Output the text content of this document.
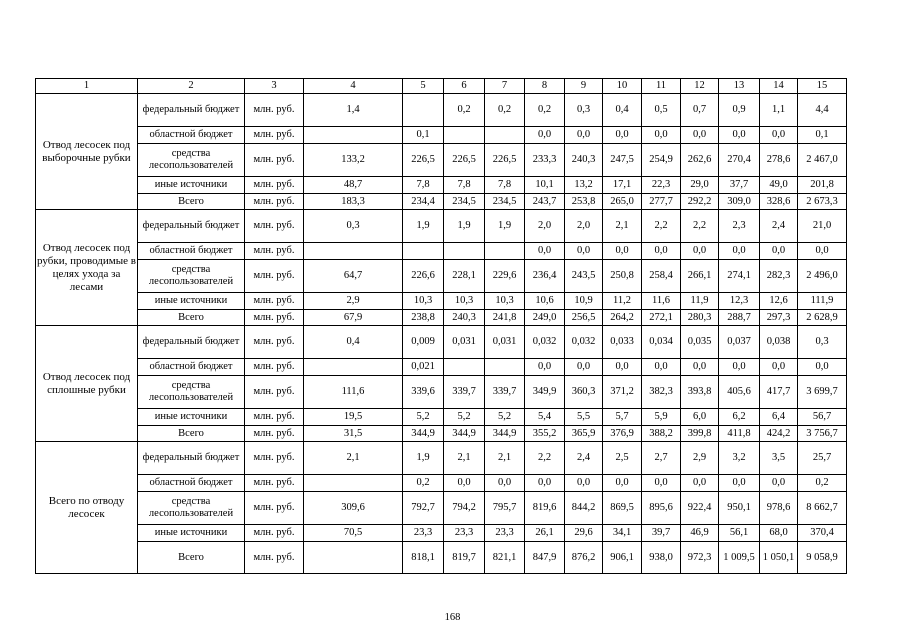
1	2	3	4	5	6	7	8	9	10	11	12	13	14	15
Отвод лесосек под выборочные рубки	федеральный бюджет	млн. руб.	1,4		0,2	0,2	0,2	0,3	0,4	0,5	0,7	0,9	1,1	4,4
	областной бюджет	млн. руб.		0,1			0,0	0,0	0,0	0,0	0,0	0,0	0,0	0,1
	средства лесопользователей	млн. руб.	133,2	226,5	226,5	226,5	233,3	240,3	247,5	254,9	262,6	270,4	278,6	2 467,0
	иные источники	млн. руб.	48,7	7,8	7,8	7,8	10,1	13,2	17,1	22,3	29,0	37,7	49,0	201,8
	Всего	млн. руб.	183,3	234,4	234,5	234,5	243,7	253,8	265,0	277,7	292,2	309,0	328,6	2 673,3
Отвод лесосек под рубки, проводимые в целях ухода за лесами	федеральный бюджет	млн. руб.	0,3	1,9	1,9	1,9	2,0	2,0	2,1	2,2	2,2	2,3	2,4	21,0
	областной бюджет	млн. руб.					0,0	0,0	0,0	0,0	0,0	0,0	0,0	0,0
	средства лесопользователей	млн. руб.	64,7	226,6	228,1	229,6	236,4	243,5	250,8	258,4	266,1	274,1	282,3	2 496,0
	иные источники	млн. руб.	2,9	10,3	10,3	10,3	10,6	10,9	11,2	11,6	11,9	12,3	12,6	111,9
	Всего	млн. руб.	67,9	238,8	240,3	241,8	249,0	256,5	264,2	272,1	280,3	288,7	297,3	2 628,9
Отвод лесосек под сплошные рубки	федеральный бюджет	млн. руб.	0,4	0,009	0,031	0,031	0,032	0,032	0,033	0,034	0,035	0,037	0,038	0,3
	областной бюджет	млн. руб.		0,021			0,0	0,0	0,0	0,0	0,0	0,0	0,0	0,0
	средства лесопользователей	млн. руб.	111,6	339,6	339,7	339,7	349,9	360,3	371,2	382,3	393,8	405,6	417,7	3 699,7
	иные источники	млн. руб.	19,5	5,2	5,2	5,2	5,4	5,5	5,7	5,9	6,0	6,2	6,4	56,7
	Всего	млн. руб.	31,5	344,9	344,9	344,9	355,2	365,9	376,9	388,2	399,8	411,8	424,2	3 756,7
Всего по отводу лесосек	федеральный бюджет	млн. руб.	2,1	1,9	2,1	2,1	2,2	2,4	2,5	2,7	2,9	3,2	3,5	25,7
	областной бюджет	млн. руб.		0,2	0,0	0,0	0,0	0,0	0,0	0,0	0,0	0,0	0,0	0,2
	средства лесопользователей	млн. руб.	309,6	792,7	794,2	795,7	819,6	844,2	869,5	895,6	922,4	950,1	978,6	8 662,7
	иные источники	млн. руб.	70,5	23,3	23,3	23,3	26,1	29,6	34,1	39,7	46,9	56,1	68,0	370,4
	Всего	млн. руб.		818,1	819,7	821,1	847,9	876,2	906,1	938,0	972,3	1 009,5	1 050,1	9 058,9
168
